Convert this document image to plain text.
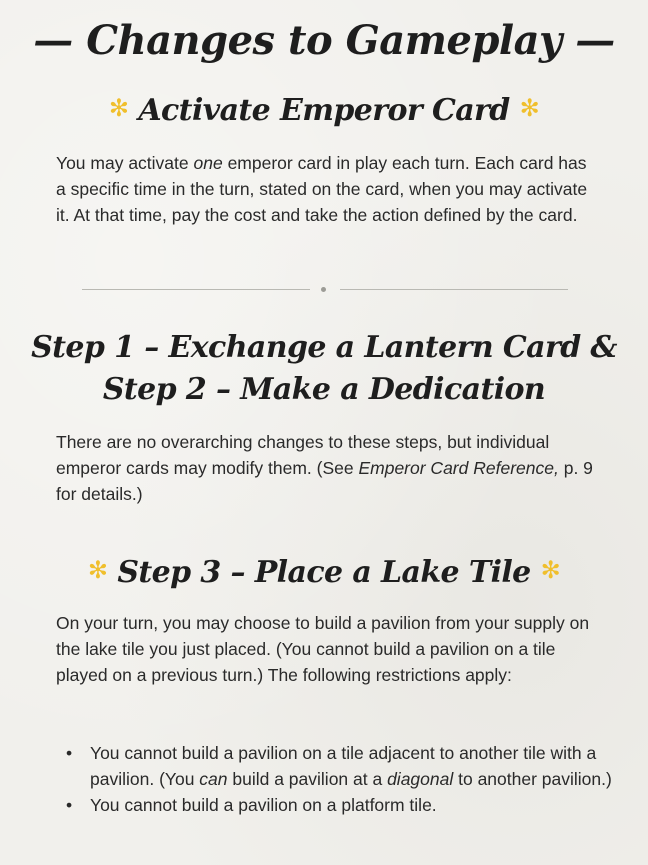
— Changes to Gameplay —
✻ Activate Emperor Card ✻

You may activate one emperor card in play each turn. Each card has a specific time in the turn, stated on the card, when you may activate it. At that time, pay the cost and take the action defined by the card.

Step 1 – Exchange a Lantern Card &
Step 2 – Make a Dedication

There are no overarching changes to these steps, but individual emperor cards may modify them. (See Emperor Card Reference, p. 9 for details.)

✻ Step 3 – Place a Lake Tile ✻

On your turn, you may choose to build a pavilion from your supply on the lake tile you just placed. (You cannot build a pavilion on a tile played on a previous turn.) The following restrictions apply:

• You cannot build a pavilion on a tile adjacent to another tile with a pavilion. (You can build a pavilion at a diagonal to another pavilion.)
• You cannot build a pavilion on a platform tile.
